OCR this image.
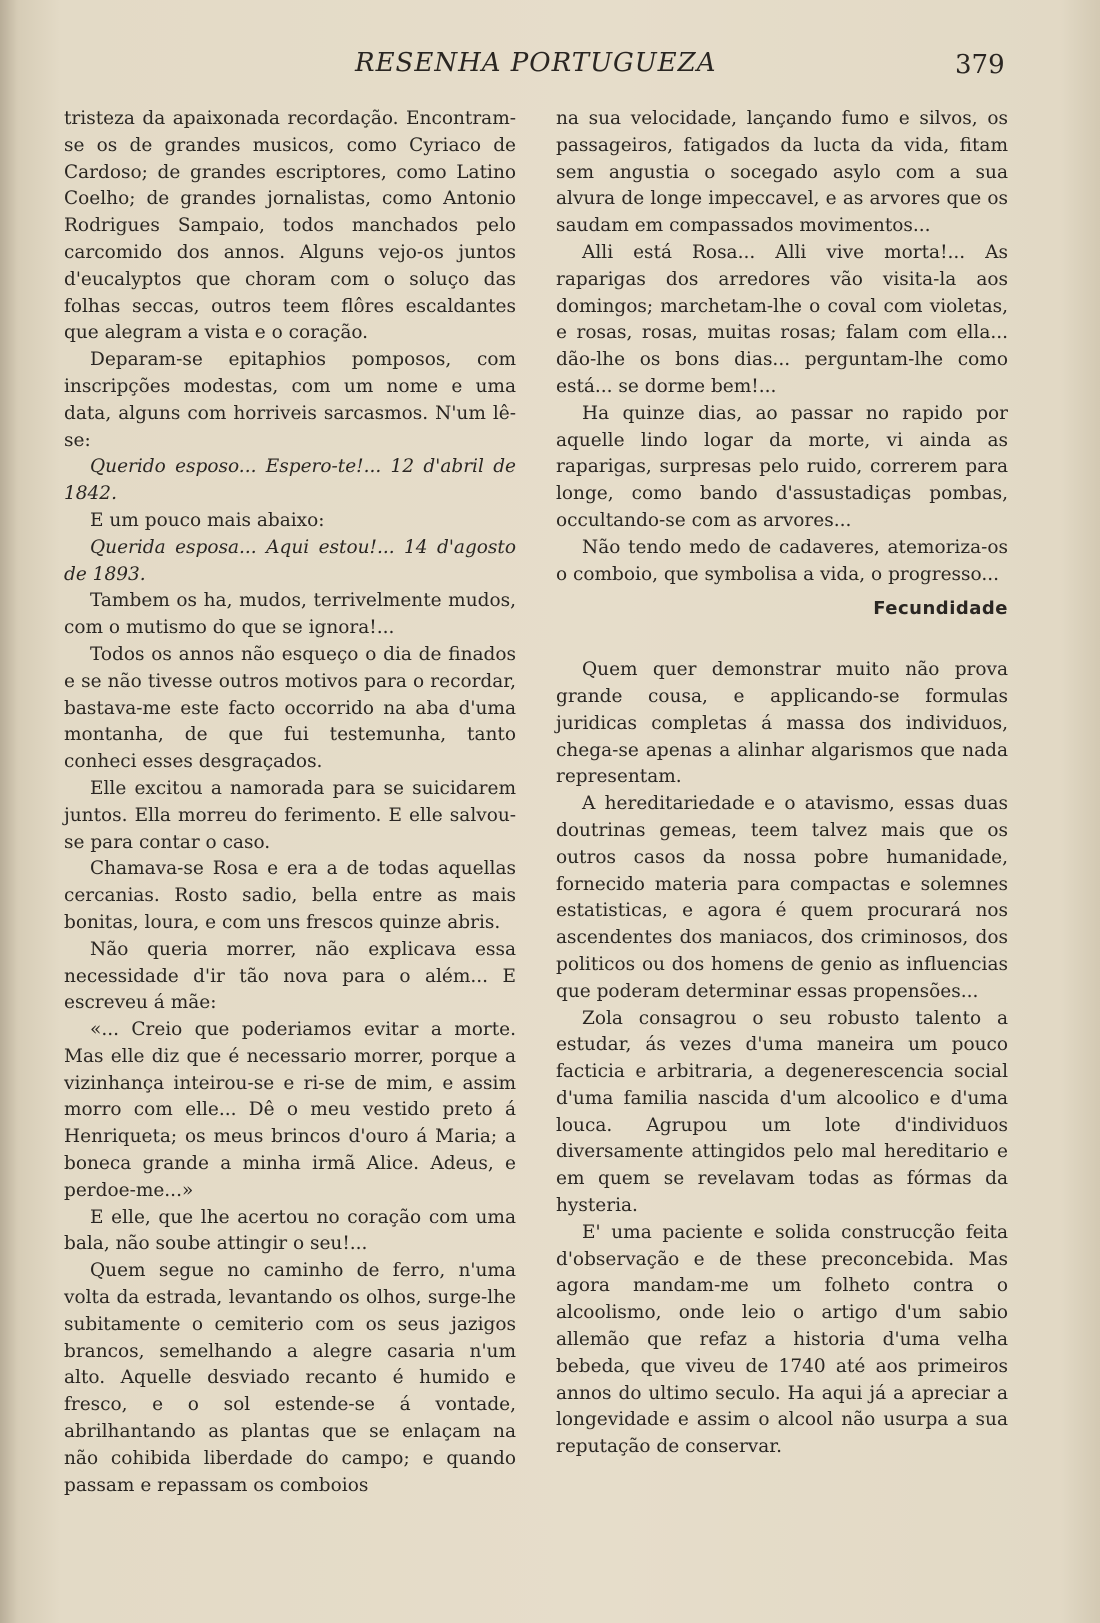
RESENHA PORTUGUEZA	379

tristeza da apaixonada recordação. Encontram-se os de grandes musicos, como Cyriaco de Cardoso; de grandes escriptores, como Latino Coelho; de grandes jornalistas, como Antonio Rodrigues Sampaio, todos manchados pelo carcomido dos annos. Alguns vejo-os juntos d'eucalyptos que choram com o soluço das folhas seccas, outros teem flôres escaldantes que alegram a vista e o coração.

Deparam-se epitaphios pomposos, com inscripções modestas, com um nome e uma data, alguns com horriveis sarcasmos. N'um lê-se:

Querido esposo... Espero-te!... 12 d'abril de 1842.

E um pouco mais abaixo:

Querida esposa... Aqui estou!... 14 d'agosto de 1893.

Tambem os ha, mudos, terrivelmente mudos, com o mutismo do que se ignora!...

Todos os annos não esqueço o dia de finados e se não tivesse outros motivos para o recordar, bastava-me este facto occorrido na aba d'uma montanha, de que fui testemunha, tanto conheci esses desgraçados.

Elle excitou a namorada para se suicidarem juntos. Ella morreu do ferimento. E elle salvou-se para contar o caso.

Chamava-se Rosa e era a de todas aquellas cercanias. Rosto sadio, bella entre as mais bonitas, loura, e com uns frescos quinze abris.

Não queria morrer, não explicava essa necessidade d'ir tão nova para o além... E escreveu á mãe:

«... Creio que poderiamos evitar a morte. Mas elle diz que é necessario morrer, porque a vizinhança inteirou-se e ri-se de mim, e assim morro com elle... Dê o meu vestido preto á Henriqueta; os meus brincos d'ouro á Maria; a boneca grande a minha irmã Alice. Adeus, e perdoe-me...»

E elle, que lhe acertou no coração com uma bala, não soube attingir o seu!...

Quem segue no caminho de ferro, n'uma volta da estrada, levantando os olhos, surge-lhe subitamente o cemiterio com os seus jazigos brancos, semelhando a alegre casaria n'um alto. Aquelle desviado recanto é humido e fresco, e o sol estende-se á vontade, abrilhantando as plantas que se enlaçam na não cohibida liberdade do campo; e quando passam e repassam os comboios

na sua velocidade, lançando fumo e silvos, os passageiros, fatigados da lucta da vida, fitam sem angustia o socegado asylo com a sua alvura de longe impeccavel, e as arvores que os saudam em compassados movimentos...

Alli está Rosa... Alli vive morta!... As raparigas dos arredores vão visita-la aos domingos; marchetam-lhe o coval com violetas, e rosas, rosas, muitas rosas; falam com ella... dão-lhe os bons dias... perguntam-lhe como está... se dorme bem!...

Ha quinze dias, ao passar no rapido por aquelle lindo logar da morte, vi ainda as raparigas, surpresas pelo ruido, correrem para longe, como bando d'assustadiças pombas, occultando-se com as arvores...

Não tendo medo de cadaveres, atemoriza-os o comboio, que symbolisa a vida, o progresso...

Fecundidade

Quem quer demonstrar muito não prova grande cousa, e applicando-se formulas juridicas completas á massa dos individuos, chega-se apenas a alinhar algarismos que nada representam.

A hereditariedade e o atavismo, essas duas doutrinas gemeas, teem talvez mais que os outros casos da nossa pobre humanidade, fornecido materia para compactas e solemnes estatisticas, e agora é quem procurará nos ascendentes dos maniacos, dos criminosos, dos politicos ou dos homens de genio as influencias que poderam determinar essas propensões...

Zola consagrou o seu robusto talento a estudar, ás vezes d'uma maneira um pouco facticia e arbitraria, a degenerescencia social d'uma familia nascida d'um alcoolico e d'uma louca. Agrupou um lote d'individuos diversamente attingidos pelo mal hereditario e em quem se revelavam todas as fórmas da hysteria.

E' uma paciente e solida construcção feita d'observação e de these preconcebida. Mas agora mandam-me um folheto contra o alcoolismo, onde leio o artigo d'um sabio allemão que refaz a historia d'uma velha bebeda, que viveu de 1740 até aos primeiros annos do ultimo seculo. Ha aqui já a apreciar a longevidade e assim o alcool não usurpa a sua reputação de conservar.
